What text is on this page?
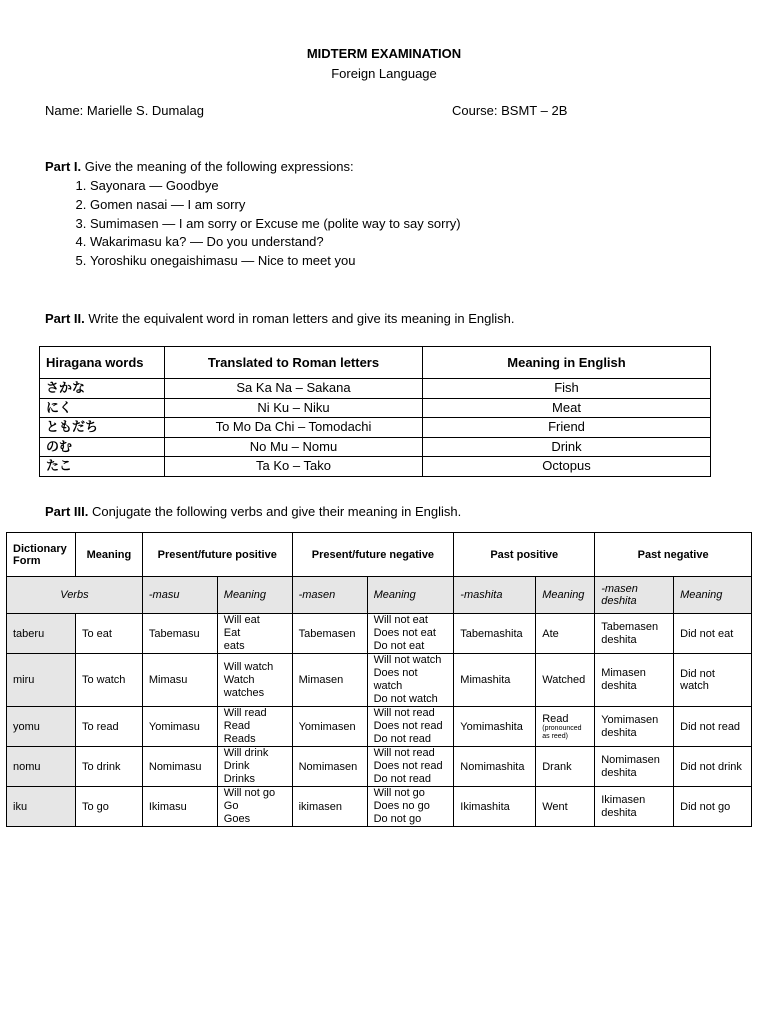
MIDTERM EXAMINATION
Foreign Language
Name: Marielle S. Dumalag	Course: BSMT – 2B
Part I. Give the meaning of the following expressions:
1. Sayonara — Goodbye
2. Gomen nasai — I am sorry
3. Sumimasen — I am sorry or Excuse me (polite way to say sorry)
4. Wakarimasu ka? — Do you understand?
5. Yoroshiku onegaishimasu — Nice to meet you
Part II. Write the equivalent word in roman letters and give its meaning in English.
Hiragana words	Translated to Roman letters	Meaning in English
さかな	Sa Ka Na – Sakana	Fish
にく	Ni Ku – Niku	Meat
ともだち	To Mo Da Chi – Tomodachi	Friend
のむ	No Mu – Nomu	Drink
たこ	Ta Ko – Tako	Octopus
Part III. Conjugate the following verbs and give their meaning in English.
Dictionary Form	Meaning	Present/future positive		Present/future negative		Past positive		Past negative	
Verbs		-masu	Meaning	-masen	Meaning	-mashita	Meaning	-masen deshita	Meaning
taberu	To eat	Tabemasu	Will eat
Eat
eats	Tabemasen	Will not eat
Does not eat
Do not eat	Tabemashita	Ate	Tabemasen deshita	Did not eat
miru	To watch	Mimasu	Will watch
Watch
watches	Mimasen	Will not watch
Does not watch
Do not watch	Mimashita	Watched	Mimasen deshita	Did not watch
yomu	To read	Yomimasu	Will read
Read
Reads	Yomimasen	Will not read
Does not read
Do not read	Yomimashita	Read
(pronounced as reed)	Yomimasen deshita	Did not read
nomu	To drink	Nomimasu	Will drink
Drink
Drinks	Nomimasen	Will not read
Does not read
Do not read	Nomimashita	Drank	Nomimasen deshita	Did not drink
iku	To go	Ikimasu	Will not go
Go
Goes	ikimasen	Will not go
Does no go
Do not go	Ikimashita	Went	Ikimasen deshita	Did not go
